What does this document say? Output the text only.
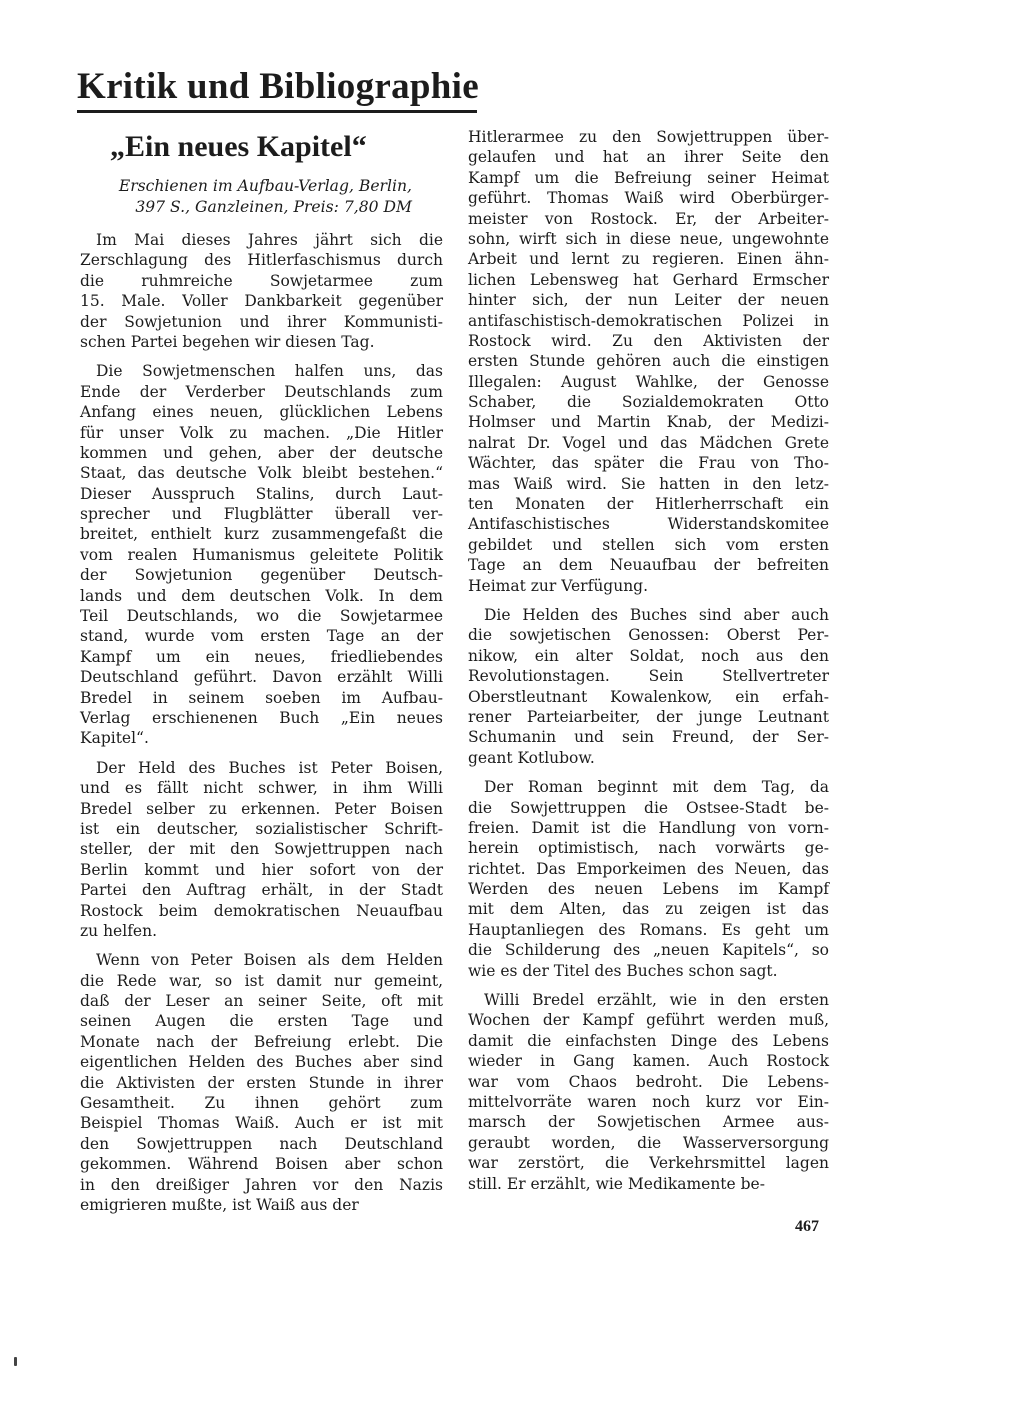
Kritik und Bibliographie
„Ein neues Kapitel“
Erschienen im Aufbau-Verlag, Berlin,
397 S., Ganzleinen, Preis: 7,80 DM
Im Mai dieses Jahres jährt sich die
Zerschlagung des Hitlerfaschismus durch
die ruhmreiche Sowjetarmee zum
15. Male. Voller Dankbarkeit gegenüber
der Sowjetunion und ihrer Kommunisti-
schen Partei begehen wir diesen Tag.
Die Sowjetmenschen halfen uns, das
Ende der Verderber Deutschlands zum
Anfang eines neuen, glücklichen Lebens
für unser Volk zu machen. „Die Hitler
kommen und gehen, aber der deutsche
Staat, das deutsche Volk bleibt bestehen.“
Dieser Ausspruch Stalins, durch Laut-
sprecher und Flugblätter überall ver-
breitet, enthielt kurz zusammengefaßt die
vom realen Humanismus geleitete Politik
der Sowjetunion gegenüber Deutsch-
lands und dem deutschen Volk. In dem
Teil Deutschlands, wo die Sowjetarmee
stand, wurde vom ersten Tage an der
Kampf um ein neues, friedliebendes
Deutschland geführt. Davon erzählt Willi
Bredel in seinem soeben im Aufbau-
Verlag erschienenen Buch „Ein neues
Kapitel“.
Der Held des Buches ist Peter Boisen,
und es fällt nicht schwer, in ihm Willi
Bredel selber zu erkennen. Peter Boisen
ist ein deutscher, sozialistischer Schrift-
steller, der mit den Sowjettruppen nach
Berlin kommt und hier sofort von der
Partei den Auftrag erhält, in der Stadt
Rostock beim demokratischen Neuaufbau
zu helfen.
Wenn von Peter Boisen als dem Helden
die Rede war, so ist damit nur gemeint,
daß der Leser an seiner Seite, oft mit
seinen Augen die ersten Tage und
Monate nach der Befreiung erlebt. Die
eigentlichen Helden des Buches aber sind
die Aktivisten der ersten Stunde in ihrer
Gesamtheit. Zu ihnen gehört zum
Beispiel Thomas Waiß. Auch er ist mit
den Sowjettruppen nach Deutschland
gekommen. Während Boisen aber schon
in den dreißiger Jahren vor den Nazis
emigrieren mußte, ist Waiß aus der
Hitlerarmee zu den Sowjettruppen über-
gelaufen und hat an ihrer Seite den
Kampf um die Befreiung seiner Heimat
geführt. Thomas Waiß wird Oberbürger-
meister von Rostock. Er, der Arbeiter-
sohn, wirft sich in diese neue, ungewohnte
Arbeit und lernt zu regieren. Einen ähn-
lichen Lebensweg hat Gerhard Ermscher
hinter sich, der nun Leiter der neuen
antifaschistisch-demokratischen Polizei in
Rostock wird. Zu den Aktivisten der
ersten Stunde gehören auch die einstigen
Illegalen: August Wahlke, der Genosse
Schaber, die Sozialdemokraten Otto
Holmser und Martin Knab, der Medizi-
nalrat Dr. Vogel und das Mädchen Grete
Wächter, das später die Frau von Tho-
mas Waiß wird. Sie hatten in den letz-
ten Monaten der Hitlerherrschaft ein
Antifaschistisches Widerstandskomitee
gebildet und stellen sich vom ersten
Tage an dem Neuaufbau der befreiten
Heimat zur Verfügung.
Die Helden des Buches sind aber auch
die sowjetischen Genossen: Oberst Per-
nikow, ein alter Soldat, noch aus den
Revolutionstagen. Sein Stellvertreter
Oberstleutnant Kowalenkow, ein erfah-
rener Parteiarbeiter, der junge Leutnant
Schumanin und sein Freund, der Ser-
geant Kotlubow.
Der Roman beginnt mit dem Tag, da
die Sowjettruppen die Ostsee-Stadt be-
freien. Damit ist die Handlung von vorn-
herein optimistisch, nach vorwärts ge-
richtet. Das Emporkeimen des Neuen, das
Werden des neuen Lebens im Kampf
mit dem Alten, das zu zeigen ist das
Hauptanliegen des Romans. Es geht um
die Schilderung des „neuen Kapitels“, so
wie es der Titel des Buches schon sagt.
Willi Bredel erzählt, wie in den ersten
Wochen der Kampf geführt werden muß,
damit die einfachsten Dinge des Lebens
wieder in Gang kamen. Auch Rostock
war vom Chaos bedroht. Die Lebens-
mittelvorräte waren noch kurz vor Ein-
marsch der Sowjetischen Armee aus-
geraubt worden, die Wasserversorgung
war zerstört, die Verkehrsmittel lagen
still. Er erzählt, wie Medikamente be-

467
